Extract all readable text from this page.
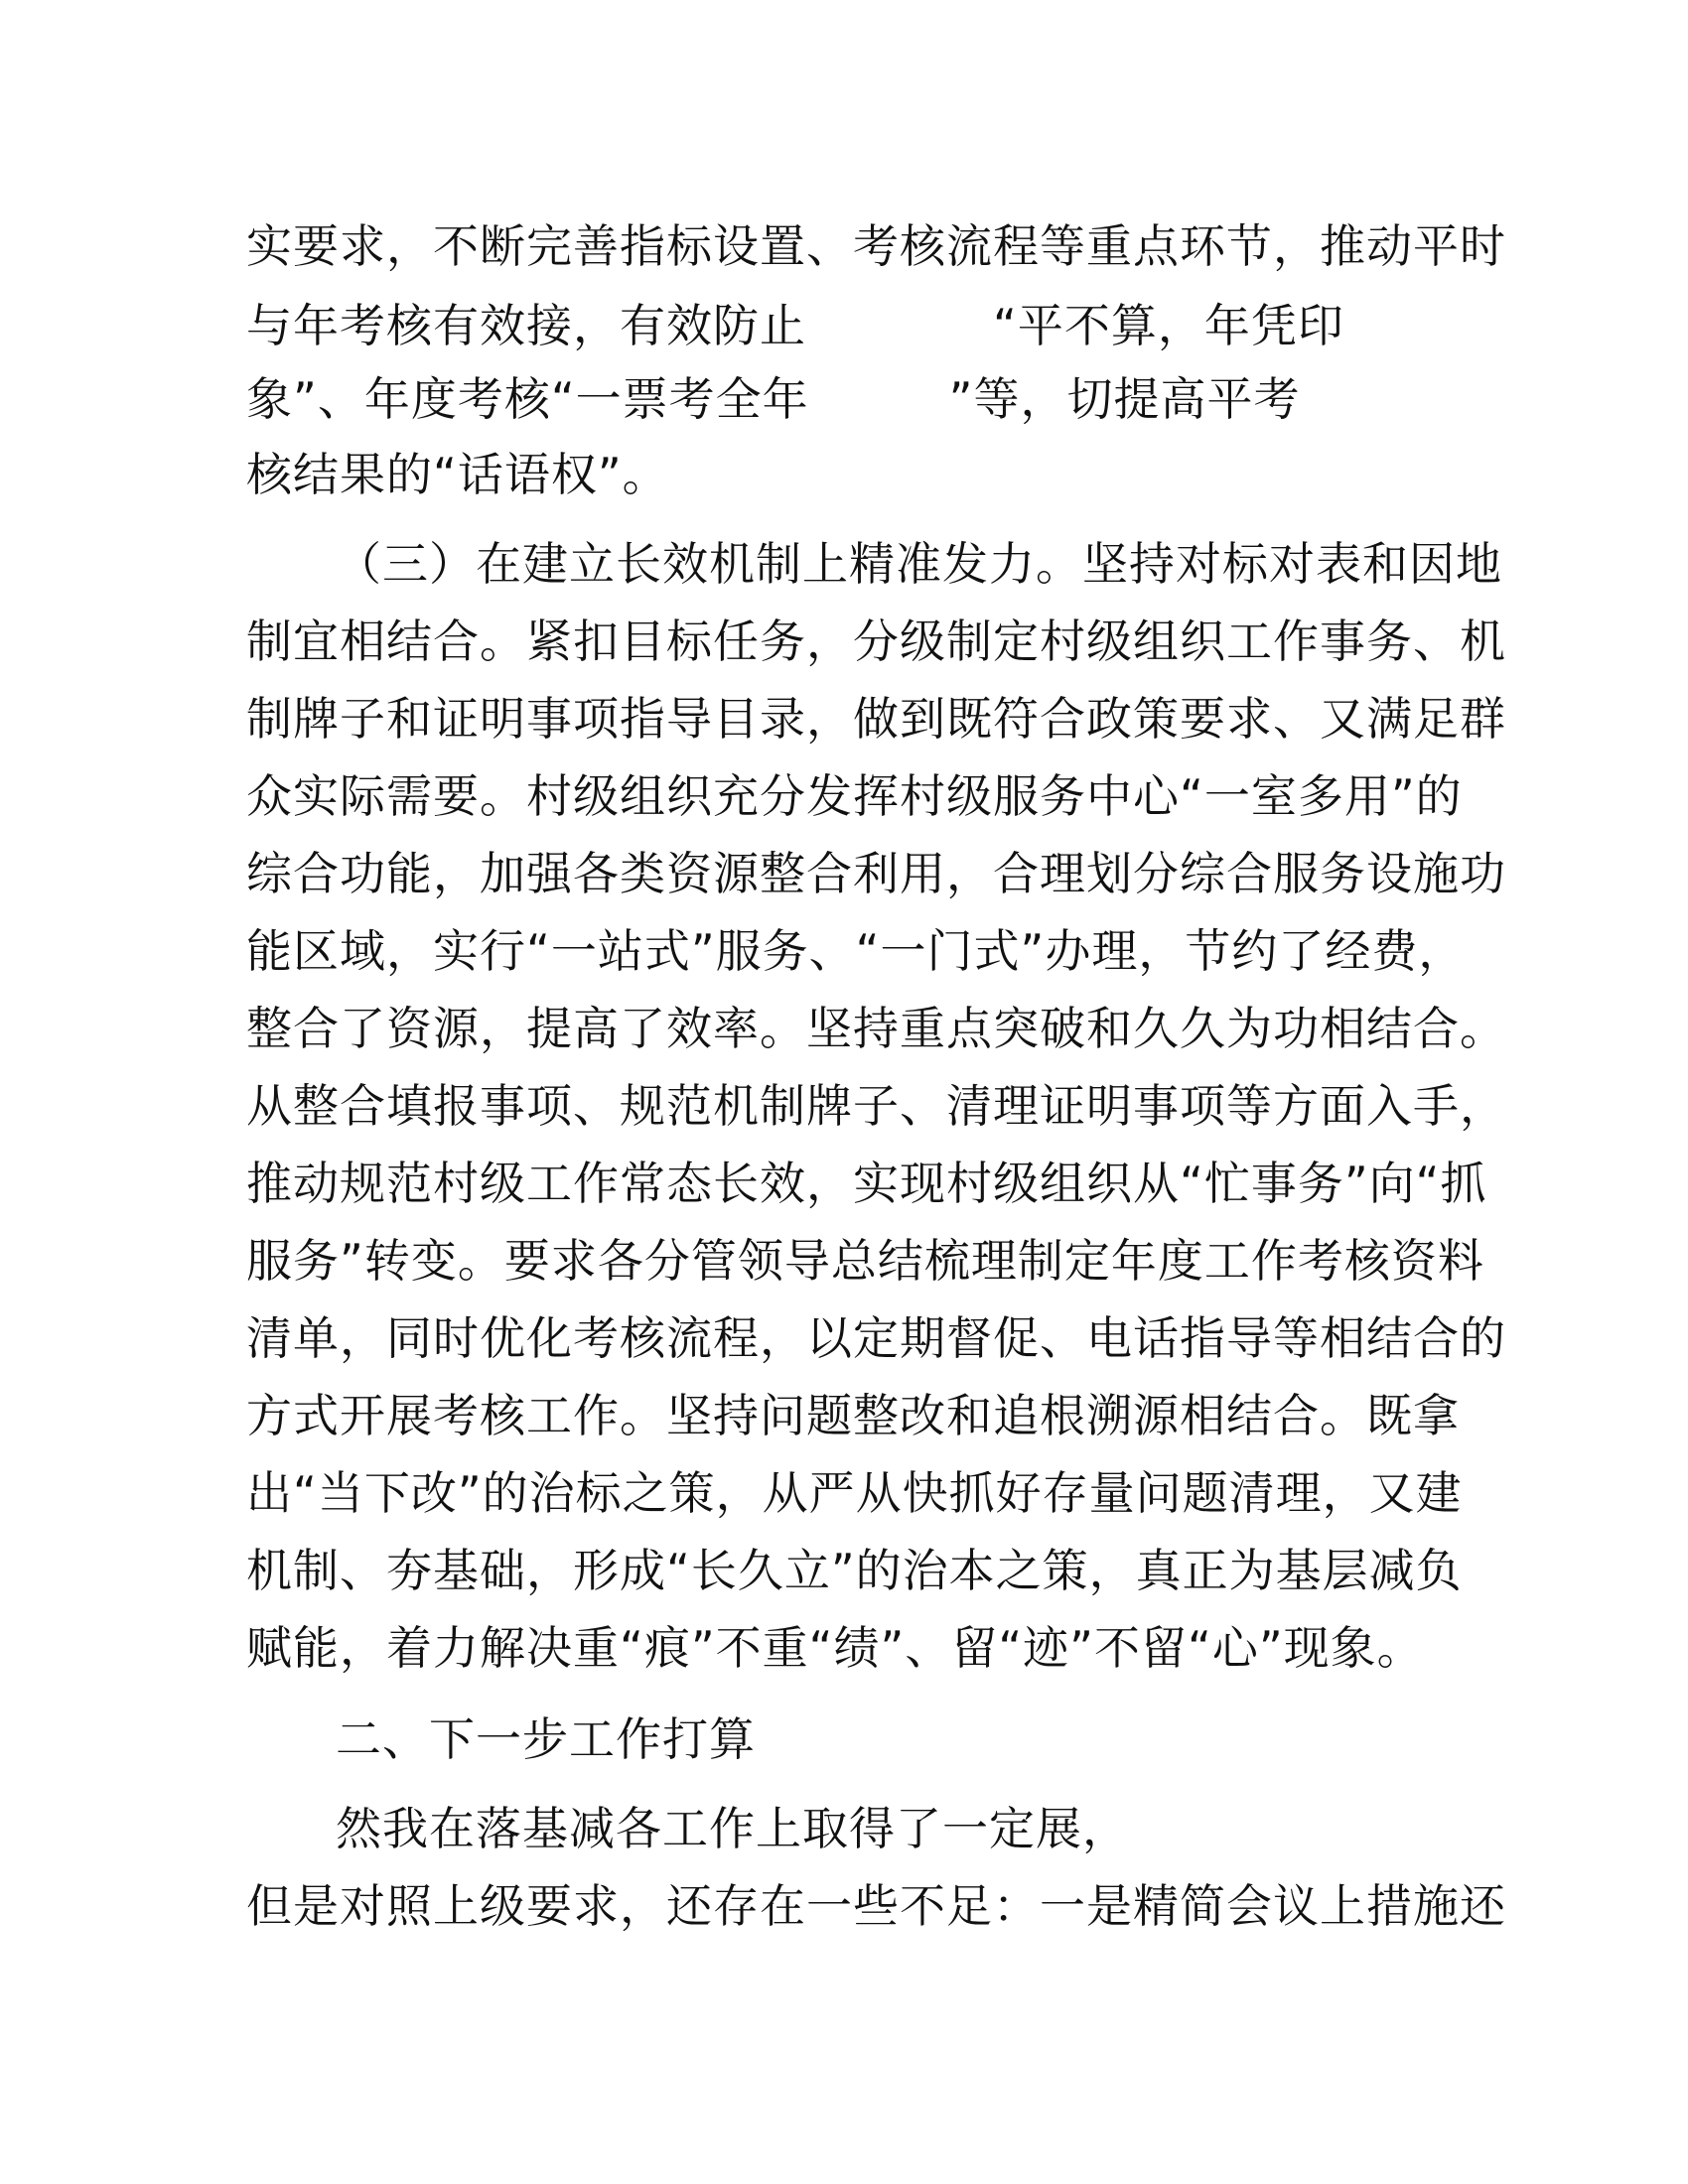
实要求，不断完善指标设置、考核流程等重点环节，推动平时

与年考核有效接，有效防止　　　　“平不算，年凭印

象”、年度考核“一票考全年　　　”等，切提高平考

核结果的“话语权”。

（三）在建立长效机制上精准发力。坚持对标对表和因地

制宜相结合。紧扣目标任务，分级制定村级组织工作事务、机

制牌子和证明事项指导目录，做到既符合政策要求、又满足群

众实际需要。村级组织充分发挥村级服务中心“一室多用”的

综合功能，加强各类资源整合利用，合理划分综合服务设施功

能区域，实行“一站式”服务、“一门式”办理，节约了经费，

整合了资源，提高了效率。坚持重点突破和久久为功相结合。

从整合填报事项、规范机制牌子、清理证明事项等方面入手，

推动规范村级工作常态长效，实现村级组织从“忙事务”向“抓

服务”转变。要求各分管领导总结梳理制定年度工作考核资料

清单，同时优化考核流程，以定期督促、电话指导等相结合的

方式开展考核工作。坚持问题整改和追根溯源相结合。既拿

出“当下改”的治标之策，从严从快抓好存量问题清理，又建

机制、夯基础，形成“长久立”的治本之策，真正为基层减负

赋能，着力解决重“痕”不重“绩”、留“迹”不留“心”现象。

二、下一步工作打算

然我在落基减各工作上取得了一定展，

但是对照上级要求，还存在一些不足：一是精简会议上措施还
